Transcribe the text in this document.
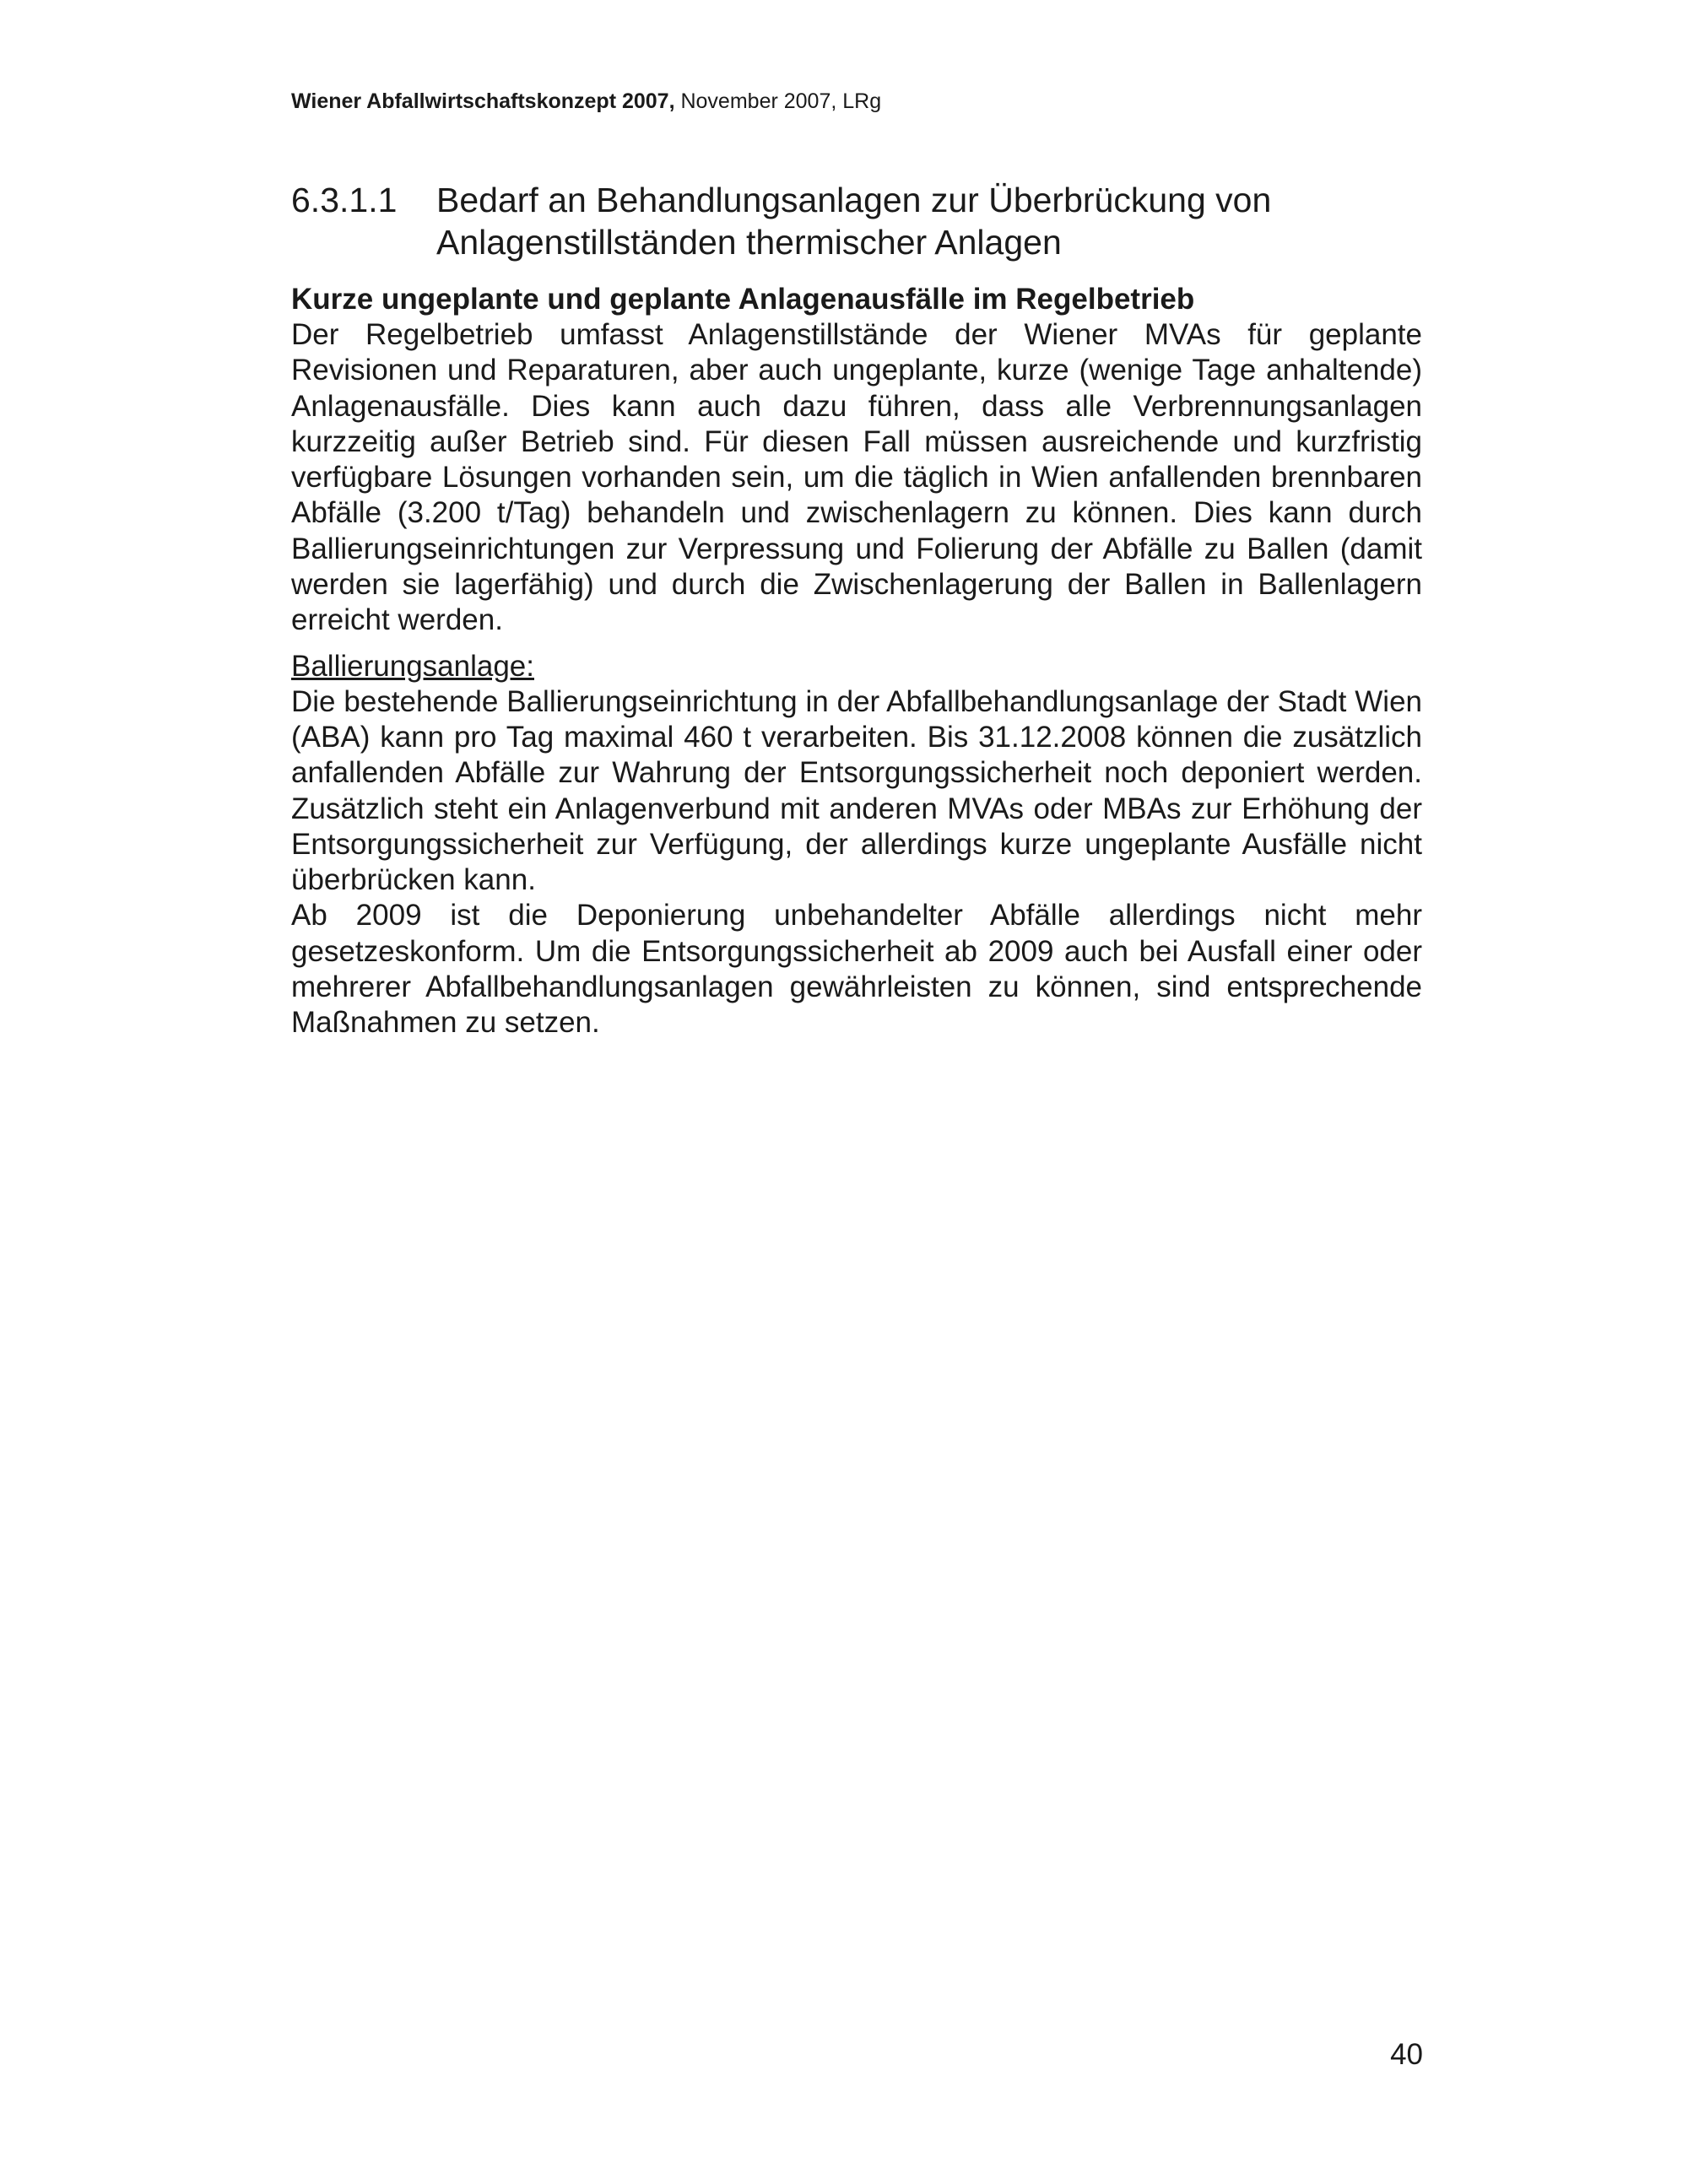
Wiener Abfallwirtschaftskonzept 2007, November 2007, LRg
6.3.1.1	Bedarf an Behandlungsanlagen zur Überbrückung von Anlagenstillständen thermischer Anlagen

Kurze ungeplante und geplante Anlagenausfälle im Regelbetrieb

Der Regelbetrieb umfasst Anlagenstillstände der Wiener MVAs für geplante Revisionen und Reparaturen, aber auch ungeplante, kurze (wenige Tage anhaltende) Anlagenausfälle. Dies kann auch dazu führen, dass alle Verbrennungsanlagen kurzzeitig außer Betrieb sind. Für diesen Fall müssen ausreichende und kurzfristig verfügbare Lösungen vorhanden sein, um die täglich in Wien anfallenden brennbaren Abfälle (3.200 t/Tag) behandeln und zwischenlagern zu können. Dies kann durch Ballierungseinrichtungen zur Verpressung und Folierung der Abfälle zu Ballen (damit werden sie lagerfähig) und durch die Zwischenlagerung der Ballen in Ballenlagern erreicht werden.

Ballierungsanlage:

Die bestehende Ballierungseinrichtung in der Abfallbehandlungsanlage der Stadt Wien (ABA) kann pro Tag maximal 460 t verarbeiten. Bis 31.12.2008 können die zusätzlich anfallenden Abfälle zur Wahrung der Entsorgungssicherheit noch deponiert werden. Zusätzlich steht ein Anlagenverbund mit anderen MVAs oder MBAs zur Erhöhung der Entsorgungssicherheit zur Verfügung, der allerdings kurze ungeplante Ausfälle nicht überbrücken kann.

Ab 2009 ist die Deponierung unbehandelter Abfälle allerdings nicht mehr gesetzeskonform. Um die Entsorgungssicherheit ab 2009 auch bei Ausfall einer oder mehrerer Abfallbehandlungsanlagen gewährleisten zu können, sind entsprechende Maßnahmen zu setzen.

40
